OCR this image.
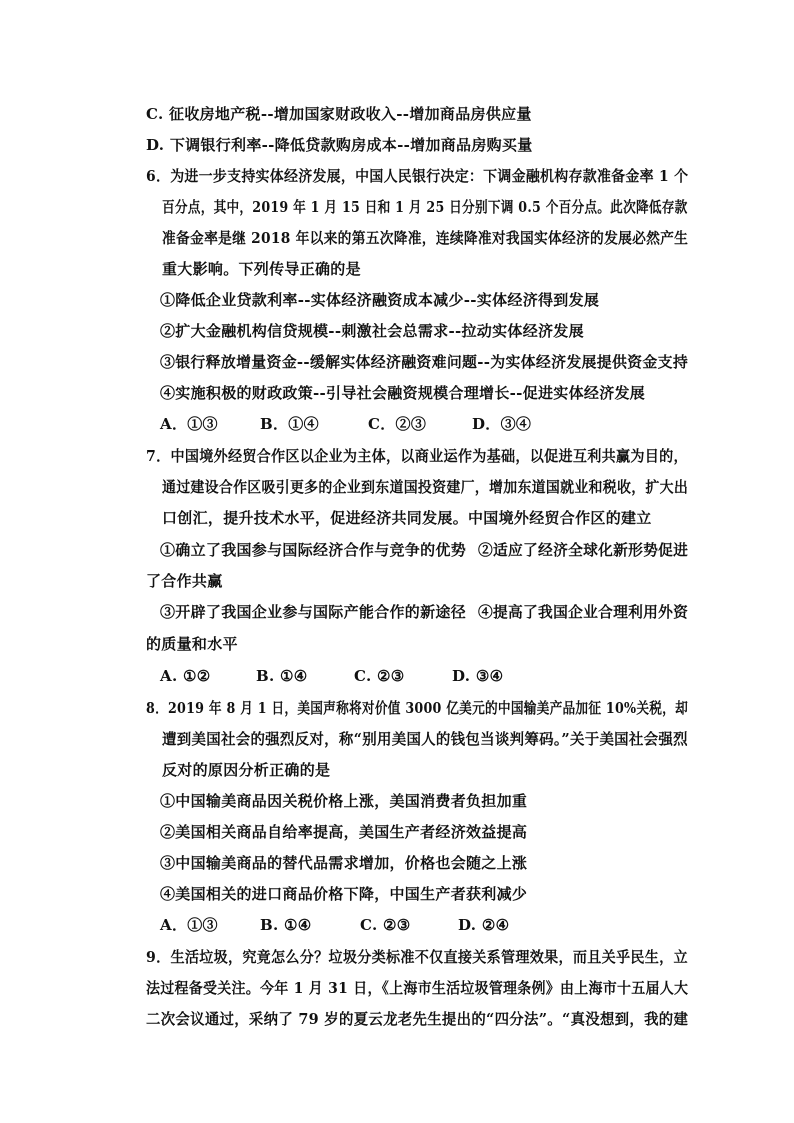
C. 征收房地产税--增加国家财政收入--增加商品房供应量
D. 下调银行利率--降低贷款购房成本--增加商品房购买量
6．为进一步支持实体经济发展，中国人民银行决定：下调金融机构存款准备金率 1 个
百分点，其中，2019 年 1 月 15 日和 1 月 25 日分别下调 0.5 个百分点。此次降低存款
准备金率是继 2018 年以来的第五次降准，连续降准对我国实体经济的发展必然产生
重大影响。下列传导正确的是
①降低企业贷款利率--实体经济融资成本减少--实体经济得到发展
②扩大金融机构信贷规模--刺激社会总需求--拉动实体经济发展
③银行释放增量资金--缓解实体经济融资难问题--为实体经济发展提供资金支持
④实施积极的财政政策--引导社会融资规模合理增长--促进实体经济发展
A．①③	B．①④	C．②③	D．③④
7．中国境外经贸合作区以企业为主体，以商业运作为基础，以促进互利共赢为目的，
通过建设合作区吸引更多的企业到东道国投资建厂，增加东道国就业和税收，扩大出
口创汇，提升技术水平，促进经济共同发展。中国境外经贸合作区的建立
①确立了我国参与国际经济合作与竞争的优势 ②适应了经济全球化新形势促进
了合作共赢
③开辟了我国企业参与国际产能合作的新途径 ④提高了我国企业合理利用外资
的质量和水平
A. ①②	B. ①④	C. ②③	D. ③④
8．2019 年 8 月 1 日，美国声称将对价值 3000 亿美元的中国输美产品加征 10%关税，却
遭到美国社会的强烈反对，称“别用美国人的钱包当谈判筹码。”关于美国社会强烈
反对的原因分析正确的是
①中国输美商品因关税价格上涨，美国消费者负担加重
②美国相关商品自给率提高，美国生产者经济效益提高
③中国输美商品的替代品需求增加，价格也会随之上涨
④美国相关的进口商品价格下降，中国生产者获利减少
A．①③	B. ①④	C. ②③	D. ②④
9．生活垃圾，究竟怎么分？垃圾分类标准不仅直接关系管理效果，而且关乎民生，立
法过程备受关注。今年 1 月 31 日，《上海市生活垃圾管理条例》由上海市十五届人大
二次会议通过，采纳了 79 岁的夏云龙老先生提出的“四分法”。“真没想到，我的建
